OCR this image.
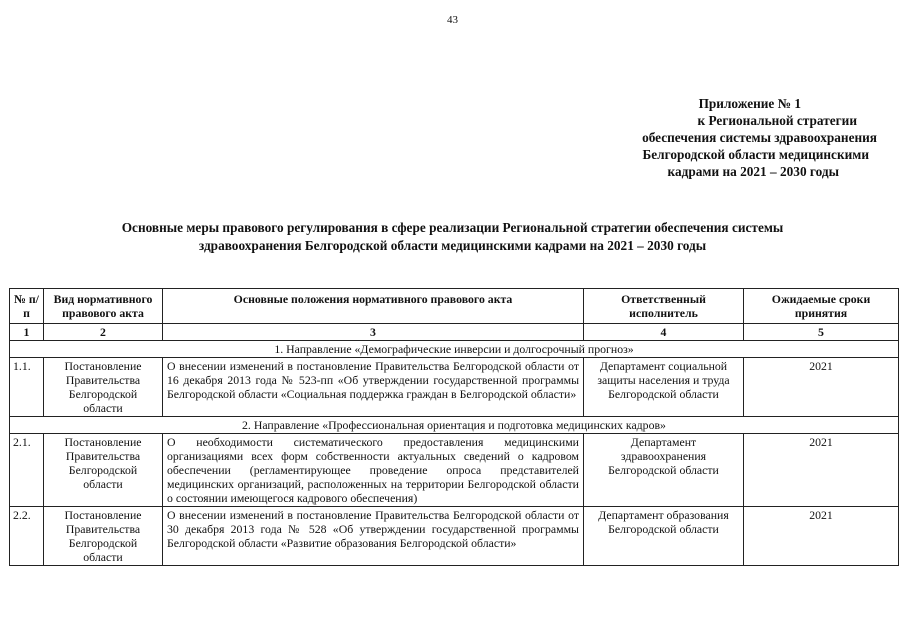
43
Приложение № 1
к Региональной стратегии
обеспечения системы здравоохранения
Белгородской области медицинскими
кадрами на 2021 – 2030 годы
Основные меры правового регулирования в сфере реализации Региональной стратегии обеспечения системы
здравоохранения Белгородской области медицинскими кадрами на 2021 – 2030 годы
№ п/п	Вид нормативного правового акта	Основные положения нормативного правового акта	Ответственный исполнитель	Ожидаемые сроки принятия
1	2	3	4	5
1. Направление «Демографические инверсии и долгосрочный прогноз»				
1.1.	Постановление Правительства Белгородской области	О внесении изменений в постановление Правительства Белгородской области от 16 декабря 2013 года № 523-пп «Об утверждении государственной программы Белгородской области «Социальная поддержка граждан в Белгородской области»	Департамент социальной защиты населения и труда Белгородской области	2021
2. Направление «Профессиональная ориентация и подготовка медицинских кадров»				
2.1.	Постановление Правительства Белгородской области	О необходимости систематического предоставления медицинскими организациями всех форм собственности актуальных сведений о кадровом обеспечении (регламентирующее проведение опроса представителей медицинских организаций, расположенных на территории Белгородской области о состоянии имеющегося кадрового обеспечения)	Департамент здравоохранения Белгородской области	2021
2.2.	Постановление Правительства Белгородской области	О внесении изменений в постановление Правительства Белгородской области от 30 декабря 2013 года № 528 «Об утверждении государственной программы Белгородской области «Развитие образования Белгородской области»	Департамент образования Белгородской области	2021
